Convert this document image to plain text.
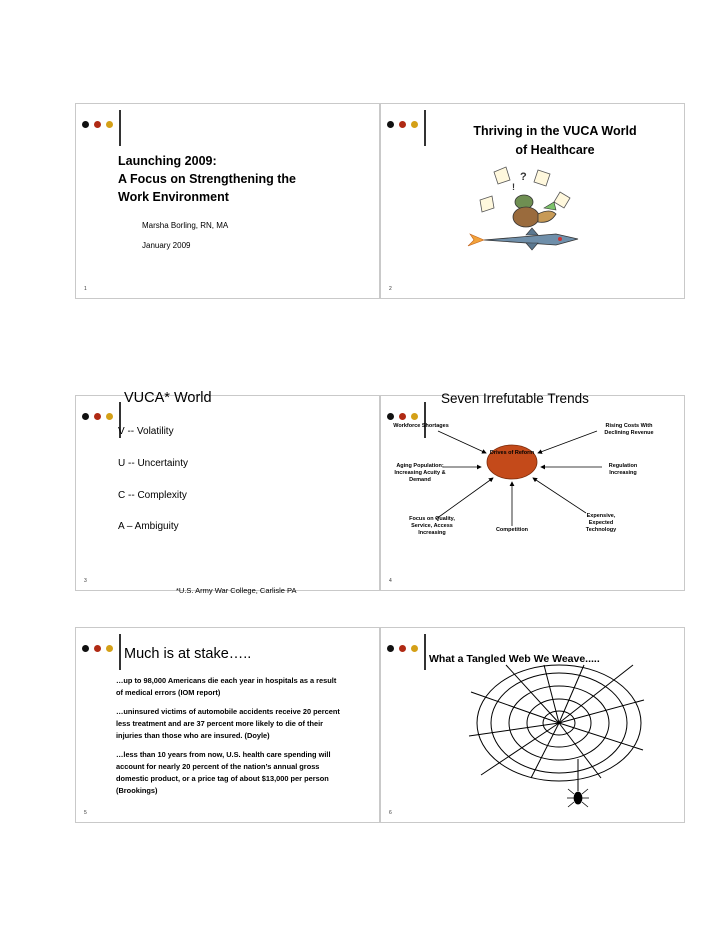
Launching 2009:
A Focus on Strengthening the
Work Environment
Marsha Borling, RN, MA
January 2009
1
Thriving in the VUCA World
of Healthcare
?
!
2
VUCA* World
V -- Volatility
U -- Uncertainty
C -- Complexity
A – Ambiguity
3
*U.S. Army War College, Carlisle PA
Seven Irrefutable Trends
Drives of Reform
Workforce Shortages	Rising Costs With Declining Revenue
Aging Population; Increasing Acuity & Demand
Regulation Increasing
Focus on Quality, Service, Access Increasing
Competition
Expensive, Expected Technology
4
Much is at stake…..
…up to 98,000 Americans die each year in hospitals as a result of medical errors (IOM report)
…uninsured victims of automobile accidents receive 20 percent less treatment and are 37 percent more likely to die of their injuries than those who are insured. (Doyle)
…less than 10 years from now, U.S. health care spending will account for nearly 20 percent of the nation’s annual gross domestic product, or a price tag of about $13,000 per person (Brookings)
5
What a Tangled Web We Weave.....
6
